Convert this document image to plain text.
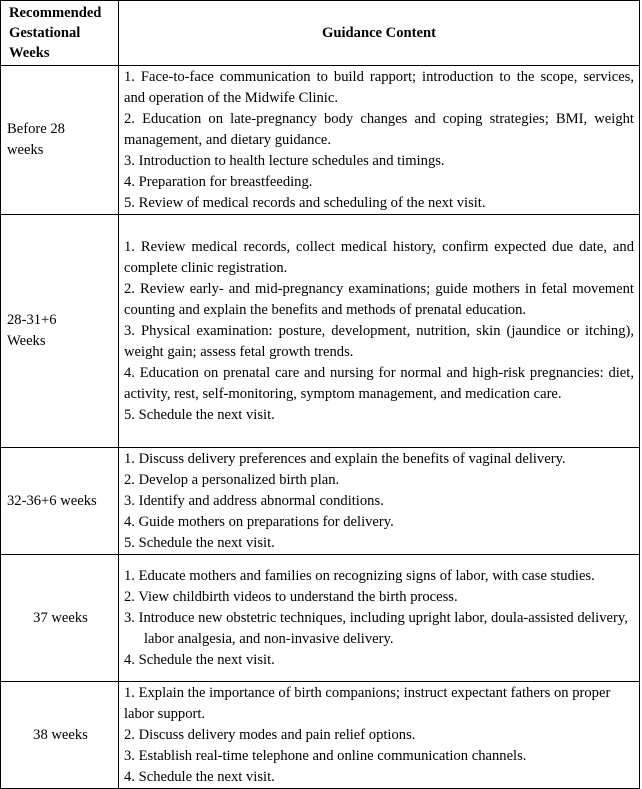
Recommended
Gestational
Weeks	Guidance Content

Before 28
weeks	1. Face-to-face communication to build rapport; introduction to the scope, services, and operation of the Midwife Clinic.
2. Education on late-pregnancy body changes and coping strategies; BMI, weight management, and dietary guidance.
3. Introduction to health lecture schedules and timings.
4. Preparation for breastfeeding.
5. Review of medical records and scheduling of the next visit.

28-31+6
Weeks	1. Review medical records, collect medical history, confirm expected due date, and complete clinic registration.
2. Review early- and mid-pregnancy examinations; guide mothers in fetal movement counting and explain the benefits and methods of prenatal education.
3. Physical examination: posture, development, nutrition, skin (jaundice or itching), weight gain; assess fetal growth trends.
4. Education on prenatal care and nursing for normal and high-risk pregnancies: diet, activity, rest, self-monitoring, symptom management, and medication care.
5. Schedule the next visit.

32-36+6 weeks	1. Discuss delivery preferences and explain the benefits of vaginal delivery.
2. Develop a personalized birth plan.
3. Identify and address abnormal conditions.
4. Guide mothers on preparations for delivery.
5. Schedule the next visit.

37 weeks	1. Educate mothers and families on recognizing signs of labor, with case studies.
2. View childbirth videos to understand the birth process.
3. Introduce new obstetric techniques, including upright labor, doula-assisted delivery, labor analgesia, and non-invasive delivery.
4. Schedule the next visit.

38 weeks	1. Explain the importance of birth companions; instruct expectant fathers on proper labor support.
2. Discuss delivery modes and pain relief options.
3. Establish real-time telephone and online communication channels.
4. Schedule the next visit.
